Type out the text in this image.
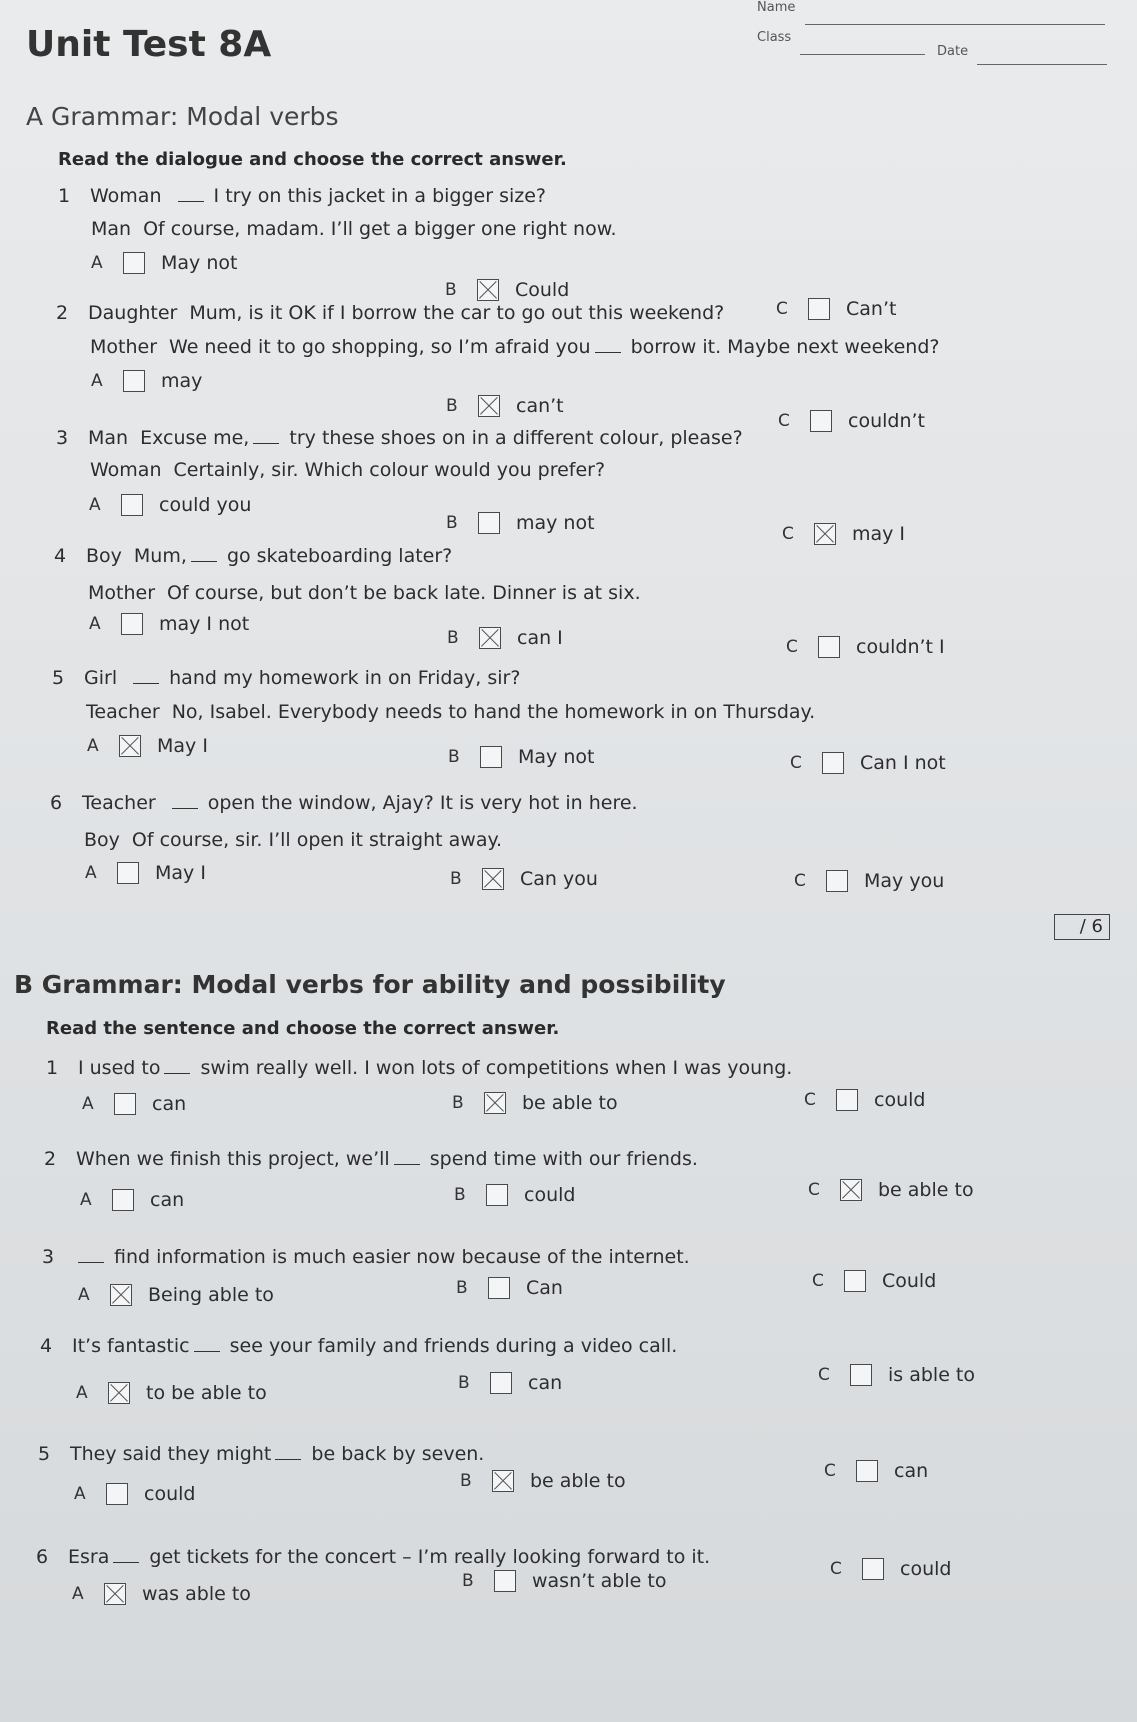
Unit Test 8A
Name
Class
Date
A Grammar: Modal verbs
Read the dialogue and choose the correct answer.
1 Woman	I try on this jacket in a bigger size?
Man Of course, madam. I’ll get a bigger one right now.
A	May not
B	Could
C	Can’t
2 Daughter Mum, is it OK if I borrow the car to go out this weekend?
Mother We need it to go shopping, so I’m afraid you borrow it. Maybe next weekend?
A	may
B	can’t
C	couldn’t
3 Man Excuse me, try these shoes on in a different colour, please?
Woman Certainly, sir. Which colour would you prefer?
A	could you
B	may not	C	may I
4 Boy Mum, go skateboarding later?
Mother Of course, but don’t be back late. Dinner is at six.
A	may I not
B	can I	C	couldn’t I
5 Girl	hand my homework in on Friday, sir?
Teacher No, Isabel. Everybody needs to hand the homework in on Thursday.
A	May I	B	May not	C	Can I not
6 Teacher	open the window, Ajay? It is very hot in here.
Boy Of course, sir. I’ll open it straight away.
A	May I	B	Can you	C	May you
/ 6
B Grammar: Modal verbs for ability and possibility
Read the sentence and choose the correct answer.
1 I used to swim really well. I won lots of competitions when I was young.
A	can	B	be able to	C	could
2 When we finish this project, we’ll spend time with our friends.
A	can	B	could	C	be able to
3	find information is much easier now because of the internet.
A	Being able to	B	Can	C	Could
4 It’s fantastic see your family and friends during a video call.
A	to be able to	B	can	C	is able to
5 They said they might be back by seven.
A	could
B	be able to	C	can
6 Esra get tickets for the concert – I’m really looking forward to it.
A	was able to
B	wasn’t able to
C	could
